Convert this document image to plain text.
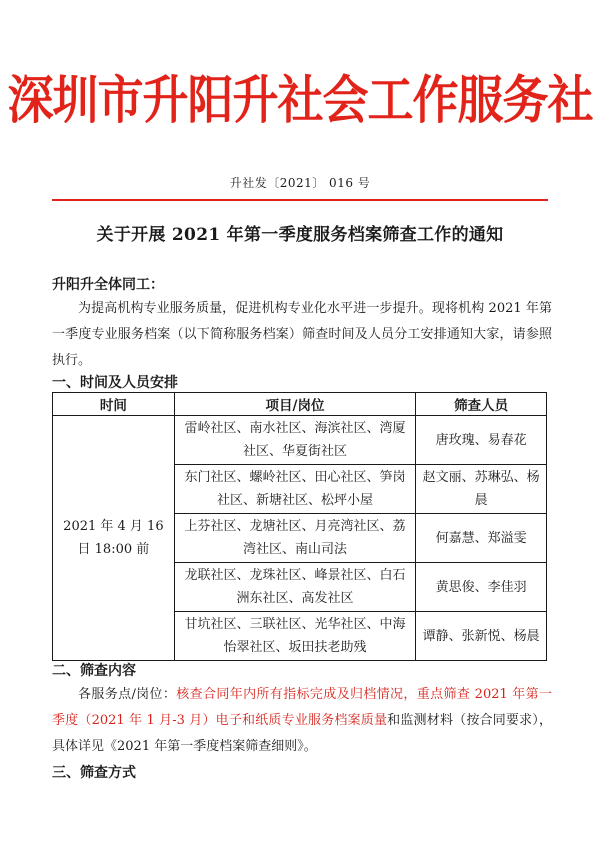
深圳市升阳升社会工作服务社
升社发〔2021〕 016 号
关于开展 2021 年第一季度服务档案筛查工作的通知
升阳升全体同工：
为提高机构专业服务质量，促进机构专业化水平进一步提升。现将机构 2021 年第一季度专业服务档案（以下简称服务档案）筛查时间及人员分工安排通知大家，请参照执行。
一、时间及人员安排
时间	项目/岗位	筛查人员
2021 年 4 月 16 日 18:00 前	雷岭社区、南水社区、海滨社区、湾厦社区、华夏街社区	唐玫瑰、易春花
	东门社区、螺岭社区、田心社区、笋岗社区、新塘社区、松坪小屋	赵文丽、苏琳弘、杨晨
	上芬社区、龙塘社区、月亮湾社区、荔湾社区、南山司法	何嘉慧、郑溢雯
	龙联社区、龙珠社区、峰景社区、白石洲东社区、高发社区	黄思俊、李佳羽
	甘坑社区、三联社区、光华社区、中海怡翠社区、坂田扶老助残	谭静、张新悦、杨晨
二、筛查内容
各服务点/岗位：核查合同年内所有指标完成及归档情况，重点筛查 2021 年第一季度（2021 年 1 月-3 月）电子和纸质专业服务档案质量和监测材料（按合同要求），具体详见《2021 年第一季度档案筛查细则》。
三、筛查方式
